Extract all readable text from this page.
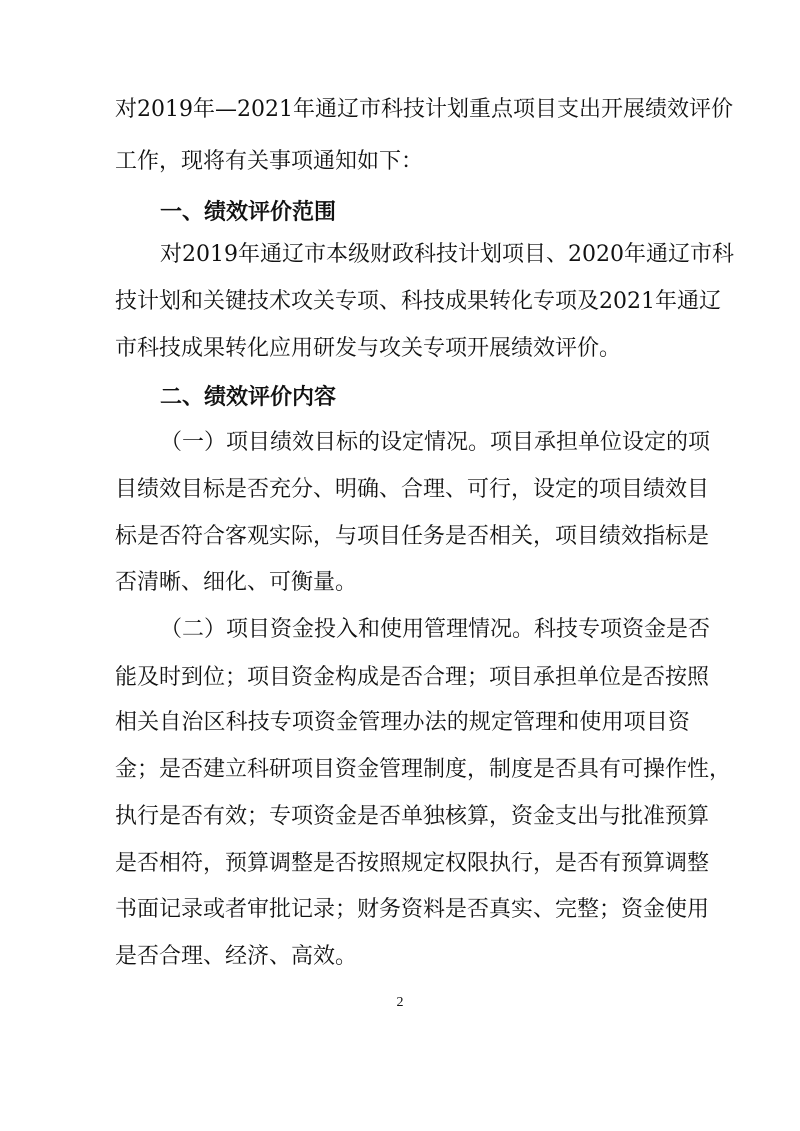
对2019年—2021年通辽市科技计划重点项目支出开展绩效评价
工作，现将有关事项通知如下：
一、绩效评价范围
对2019年通辽市本级财政科技计划项目、2020年通辽市科
技计划和关键技术攻关专项、科技成果转化专项及2021年通辽
市科技成果转化应用研发与攻关专项开展绩效评价。
二、绩效评价内容
（一）项目绩效目标的设定情况。项目承担单位设定的项
目绩效目标是否充分、明确、合理、可行，设定的项目绩效目
标是否符合客观实际，与项目任务是否相关，项目绩效指标是
否清晰、细化、可衡量。
（二）项目资金投入和使用管理情况。科技专项资金是否
能及时到位；项目资金构成是否合理；项目承担单位是否按照
相关自治区科技专项资金管理办法的规定管理和使用项目资
金；是否建立科研项目资金管理制度，制度是否具有可操作性，
执行是否有效；专项资金是否单独核算，资金支出与批准预算
是否相符，预算调整是否按照规定权限执行，是否有预算调整
书面记录或者审批记录；财务资料是否真实、完整；资金使用
是否合理、经济、高效。
2
